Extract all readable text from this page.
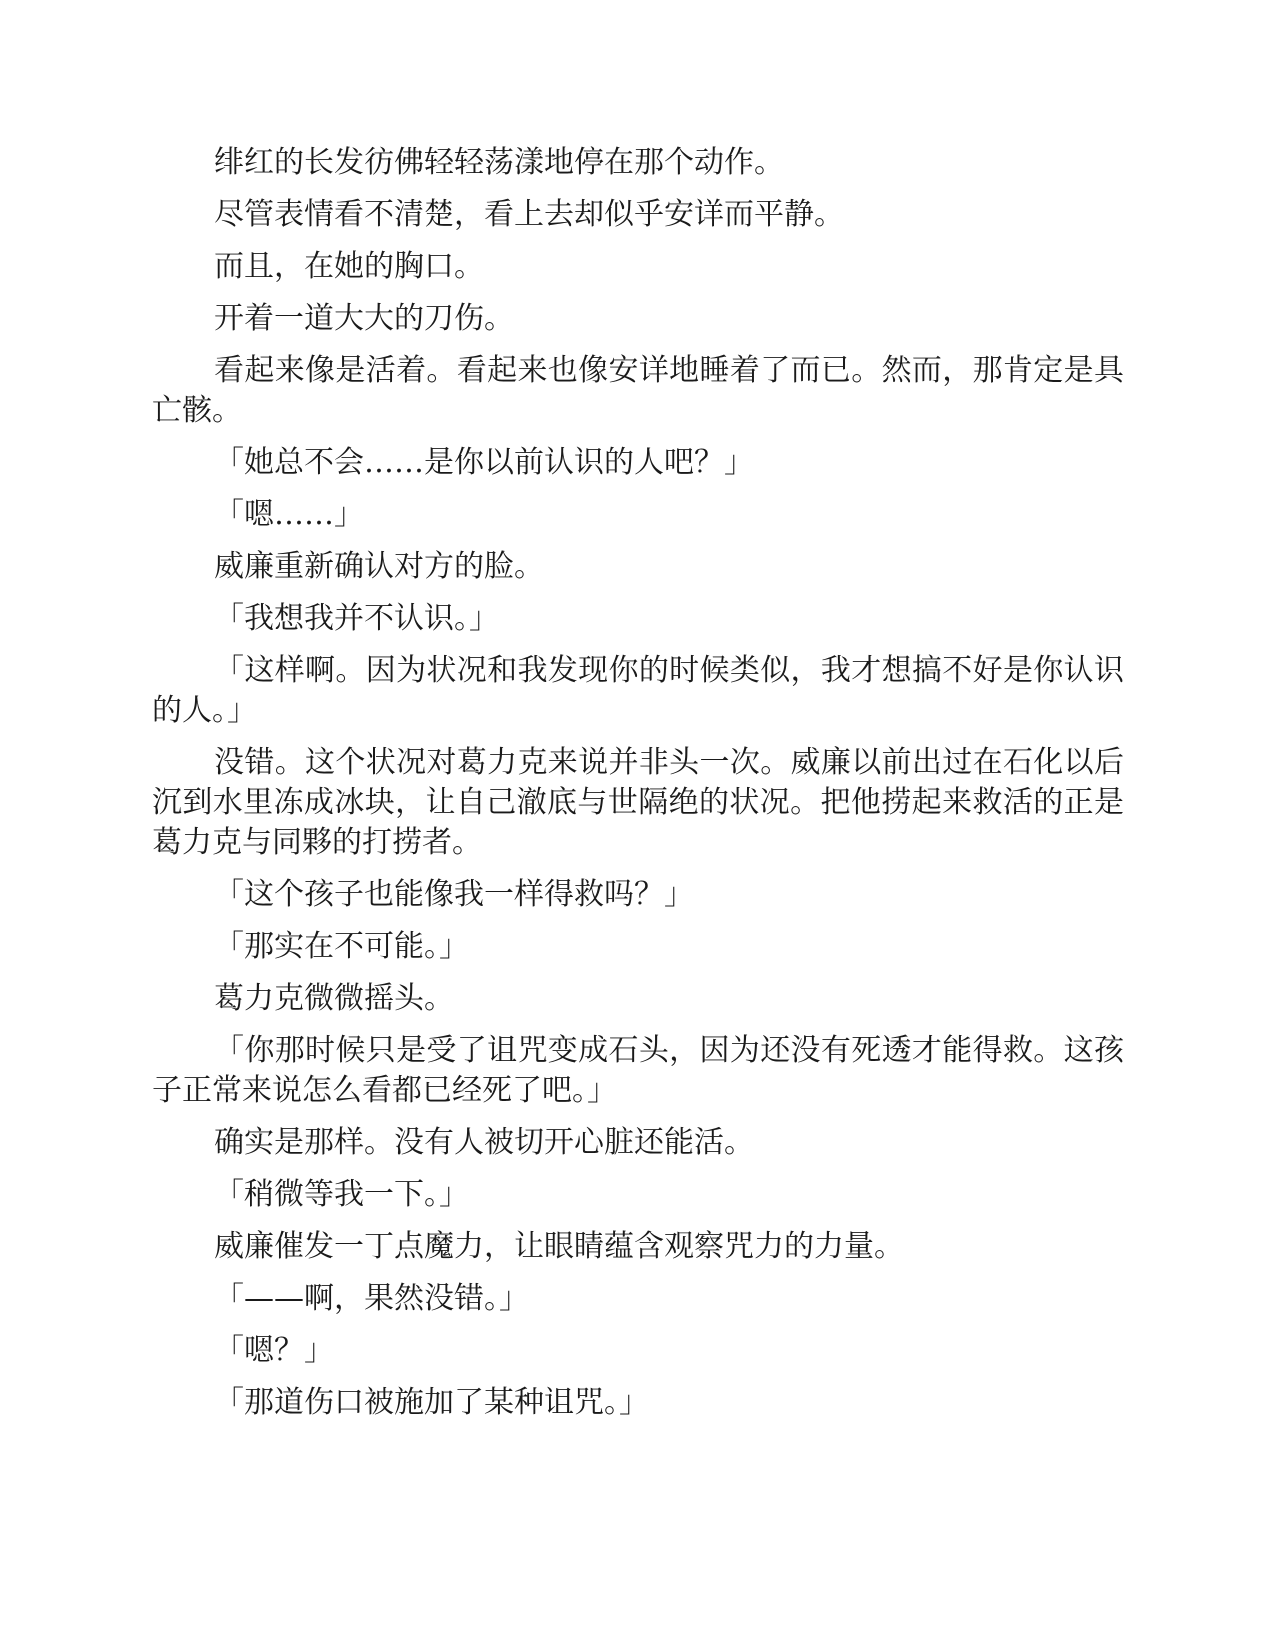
绯红的长发彷佛轻轻荡漾地停在那个动作。

尽管表情看不清楚，看上去却似乎安详而平静。

而且，在她的胸口。

开着一道大大的刀伤。

看起来像是活着。看起来也像安详地睡着了而已。然而，那肯定是具亡骸。

「她总不会……是你以前认识的人吧？」

「嗯……」

威廉重新确认对方的脸。

「我想我并不认识。」

「这样啊。因为状况和我发现你的时候类似，我才想搞不好是你认识的人。」

没错。这个状况对葛力克来说并非头一次。威廉以前出过在石化以后沉到水里冻成冰块，让自己澈底与世隔绝的状况。把他捞起来救活的正是葛力克与同夥的打捞者。

「这个孩子也能像我一样得救吗？」

「那实在不可能。」

葛力克微微摇头。

「你那时候只是受了诅咒变成石头，因为还没有死透才能得救。这孩子正常来说怎么看都已经死了吧。」

确实是那样。没有人被切开心脏还能活。

「稍微等我一下。」

威廉催发一丁点魔力，让眼睛蕴含观察咒力的力量。

「——啊，果然没错。」

「嗯？」

「那道伤口被施加了某种诅咒。」
